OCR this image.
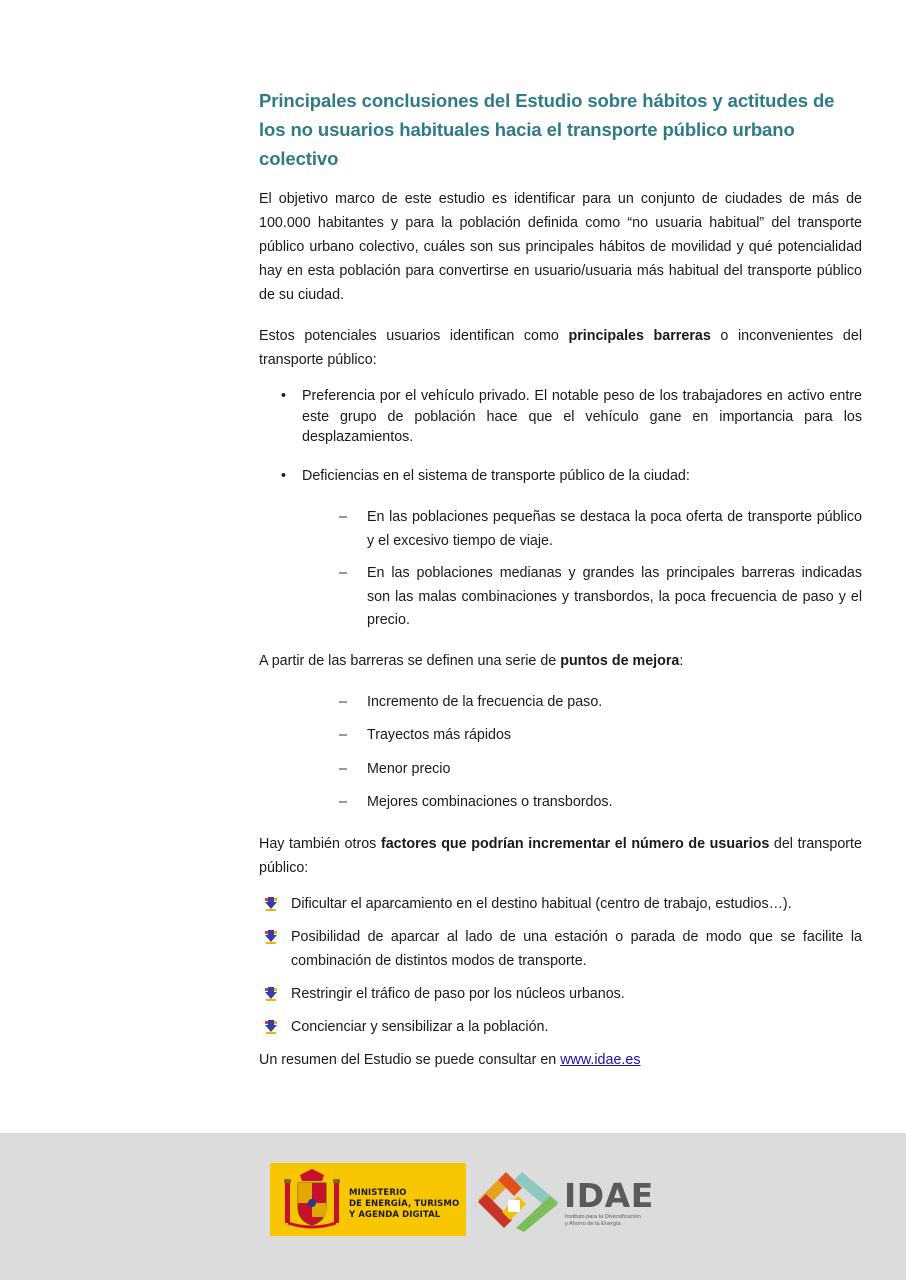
Principales conclusiones del Estudio sobre hábitos y actitudes de los no usuarios habituales hacia el transporte público urbano colectivo

El objetivo marco de este estudio es identificar para un conjunto de ciudades de más de 100.000 habitantes y para la población definida como “no usuaria habitual” del transporte público urbano colectivo, cuáles son sus principales hábitos de movilidad y qué potencialidad hay en esta población para convertirse en usuario/usuaria más habitual del transporte público de su ciudad.

Estos potenciales usuarios identifican como principales barreras o inconvenientes del transporte público:

• Preferencia por el vehículo privado. El notable peso de los trabajadores en activo entre este grupo de población hace que el vehículo gane en importancia para los desplazamientos.
• Deficiencias en el sistema de transporte público de la ciudad:
– En las poblaciones pequeñas se destaca la poca oferta de transporte público y el excesivo tiempo de viaje.
– En las poblaciones medianas y grandes las principales barreras indicadas son las malas combinaciones y transbordos, la poca frecuencia de paso y el precio.

A partir de las barreras se definen una serie de puntos de mejora:

– Incremento de la frecuencia de paso.
– Trayectos más rápidos
– Menor precio
– Mejores combinaciones o transbordos.

Hay también otros factores que podrían incrementar el número de usuarios del transporte público:

Dificultar el aparcamiento en el destino habitual (centro de trabajo, estudios…).
Posibilidad de aparcar al lado de una estación o parada de modo que se facilite la combinación de distintos modos de transporte.
Restringir el tráfico de paso por los núcleos urbanos.
Concienciar y sensibilizar a la población.

Un resumen del Estudio se puede consultar en www.idae.es

MINISTERIO
DE ENERGÍA, TURISMO
Y AGENDA DIGITAL	IDAE
Instituto para la Diversificación
y Ahorro de la Energía
